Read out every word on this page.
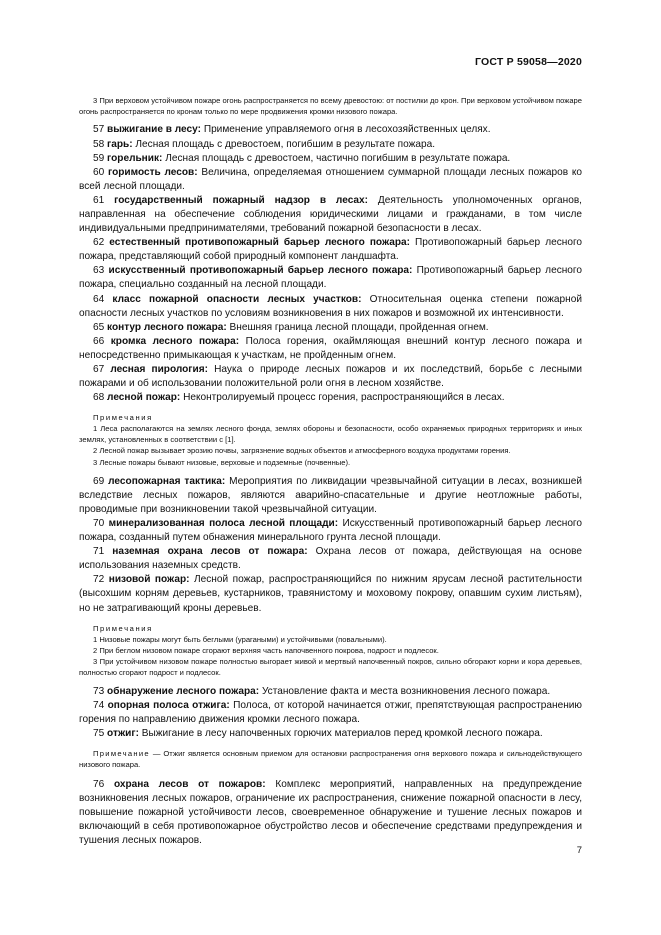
ГОСТ Р 59058—2020

3 При верховом устойчивом пожаре огонь распространяется по всему древостою: от постилки до крон. При верховом устойчивом пожаре огонь распространяется по кронам только по мере продвижения кромки низового пожара.

57 выжигание в лесу: Применение управляемого огня в лесохозяйственных целях.

58 гарь: Лесная площадь с древостоем, погибшим в результате пожара.

59 горельник: Лесная площадь с древостоем, частично погибшим в результате пожара.

60 горимость лесов: Величина, определяемая отношением суммарной площади лесных пожаров ко всей лесной площади.

61 государственный пожарный надзор в лесах: Деятельность уполномоченных органов, направленная на обеспечение соблюдения юридическими лицами и гражданами, в том числе индивидуальными предпринимателями, требований пожарной безопасности в лесах.

62 естественный противопожарный барьер лесного пожара: Противопожарный барьер лесного пожара, представляющий собой природный компонент ландшафта.

63 искусственный противопожарный барьер лесного пожара: Противопожарный барьер лесного пожара, специально созданный на лесной площади.

64 класс пожарной опасности лесных участков: Относительная оценка степени пожарной опасности лесных участков по условиям возникновения в них пожаров и возможной их интенсивности.

65 контур лесного пожара: Внешняя граница лесной площади, пройденная огнем.

66 кромка лесного пожара: Полоса горения, окаймляющая внешний контур лесного пожара и непосредственно примыкающая к участкам, не пройденным огнем.

67 лесная пирология: Наука о природе лесных пожаров и их последствий, борьбе с лесными пожарами и об использовании положительной роли огня в лесном хозяйстве.

68 лесной пожар: Неконтролируемый процесс горения, распространяющийся в лесах.

Примечания

1 Леса располагаются на землях лесного фонда, землях обороны и безопасности, особо охраняемых природных территориях и иных землях, установленных в соответствии с [1].

2 Лесной пожар вызывает эрозию почвы, загрязнение водных объектов и атмосферного воздуха продуктами горения.

3 Лесные пожары бывают низовые, верховые и подземные (почвенные).

69 лесопожарная тактика: Мероприятия по ликвидации чрезвычайной ситуации в лесах, возникшей вследствие лесных пожаров, являются аварийно-спасательные и другие неотложные работы, проводимые при возникновении такой чрезвычайной ситуации.

70 минерализованная полоса лесной площади: Искусственный противопожарный барьер лесного пожара, созданный путем обнажения минерального грунта лесной площади.

71 наземная охрана лесов от пожара: Охрана лесов от пожара, действующая на основе использования наземных средств.

72 низовой пожар: Лесной пожар, распространяющийся по нижним ярусам лесной растительности (высохшим корням деревьев, кустарников, травянистому и моховому покрову, опавшим сухим листьям), но не затрагивающий кроны деревьев.

Примечания

1 Низовые пожары могут быть беглыми (урагаными) и устойчивыми (повальными).

2 При беглом низовом пожаре сгорают верхняя часть напочвенного покрова, подрост и подлесок.

3 При устойчивом низовом пожаре полностью выгорает живой и мертвый напочвенный покров, сильно обгорают корни и кора деревьев, полностью сгорают подрост и подлесок.

73 обнаружение лесного пожара: Установление факта и места возникновения лесного пожара.

74 опорная полоса отжига: Полоса, от которой начинается отжиг, препятствующая распространению горения по направлению движения кромки лесного пожара.

75 отжиг: Выжигание в лесу напочвенных горючих материалов перед кромкой лесного пожара.

Примечание — Отжиг является основным приемом для остановки распространения огня верхового пожара и сильнодействующего низового пожара.

76 охрана лесов от пожаров: Комплекс мероприятий, направленных на предупреждение возникновения лесных пожаров, ограничение их распространения, снижение пожарной опасности в лесу, повышение пожарной устойчивости лесов, своевременное обнаружение и тушение лесных пожаров и включающий в себя противопожарное обустройство лесов и обеспечение средствами предупреждения и тушения лесных пожаров.

7
